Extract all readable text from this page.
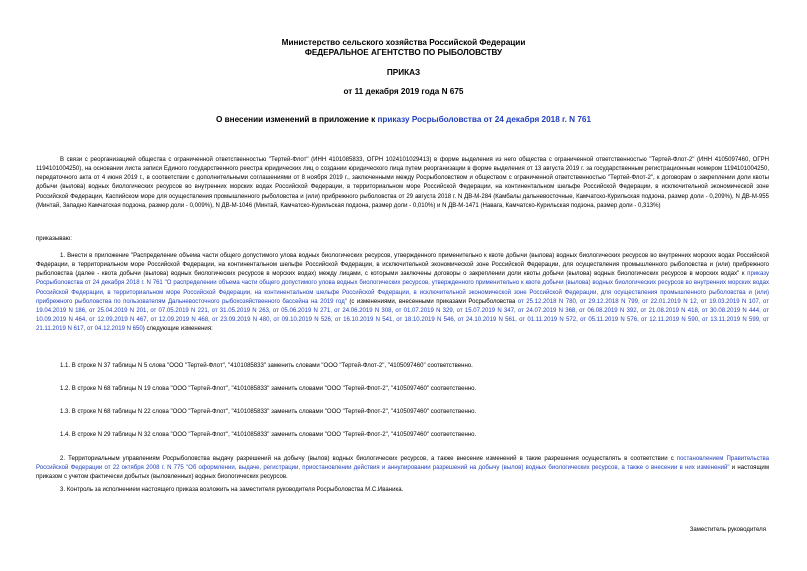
Министерство сельского хозяйства Российской Федерации
ФЕДЕРАЛЬНОЕ АГЕНТСТВО ПО РЫБОЛОВСТВУ
ПРИКАЗ
от 11 декабря 2019 года N 675
О внесении изменений в приложение к приказу Росрыболовства от 24 декабря 2018 г. N 761
В связи с реорганизацией общества с ограниченной ответственностью "Тертей-Флот" (ИНН 4101085833, ОГРН 1024101029413) в форме выделения из него общества с ограниченной ответственностью "Тертей-Флот-2" (ИНН 4105097460, ОГРН 1194101004250), на основании листа записи Единого государственного реестра юридических лиц о создании юридического лица путем реорганизации в форме выделения от 13 августа 2019 г. за государственным регистрационным номером 1194101004250, передаточного акта от 4 июня 2019 г., в соответствии с дополнительными соглашениями от 8 ноября 2019 г., заключенными между Росрыболовством и обществом с ограниченной ответственностью "Тертей-Флот-2", к договорам о закреплении доли квоты добычи (вылова) водных биологических ресурсов во внутренних морских водах Российской Федерации, в территориальном море Российской Федерации, на континентальном шельфе Российской Федерации, в исключительной экономической зоне Российской Федерации, Каспийском море для осуществления промышленного рыболовства и (или) прибрежного рыболовства от 29 августа 2018 г. N ДВ-М-284 (Камбалы дальневосточные, Камчатско-Курильская подзона, размер доли - 0,209%), N ДВ-М-955 (Минтай, Западно Камчатская подзона, размер доли - 0,009%), N ДВ-М-1046 (Минтай, Камчатско-Курильская подзона, размер доли - 0,010%) и N ДВ-М-1471 (Навага, Камчатско-Курильская подзона, размер доли - 0,313%)
приказываю:
1. Внести в приложение "Распределение объема части общего допустимого улова водных биологических ресурсов, утвержденного применительно к квоте добычи (вылова) водных биологических ресурсов во внутренних морских водах Российской Федерации, в территориальном море Российской Федерации, на континентальном шельфе Российской Федерации, в исключительной экономической зоне Российской Федерации, для осуществления промышленного рыболовства и (или) прибрежного рыболовства (далее - квота добычи (вылова) водных биологических ресурсов в морских водах) между лицами, с которыми заключены договоры о закреплении доли квоты добычи (вылова) водных биологических ресурсов в морских водах" к приказу Росрыболовства от 24 декабря 2018 г. N 761 "О распределении объема части общего допустимого улова водных биологических ресурсов, утвержденного применительно к квоте добычи (вылова) водных биологических ресурсов во внутренних морских водах Российской Федерации, в территориальном море Российской Федерации, на континентальном шельфе Российской Федерации, в исключительной экономической зоне Российской Федерации, для осуществления промышленного рыболовства и (или) прибрежного рыболовства по пользователям Дальневосточного рыбохозяйственного бассейна на 2019 год" (с изменениями, внесенными приказами Росрыболовства от 25.12.2018 N 780, от 29.12.2018 N 799, от 22.01.2019 N 12, от 19.03.2019 N 107, от 19.04.2019 N 186, от 25.04.2019 N 201, от 07.05.2019 N 221, от 31.05.2019 N 263, от 05.06.2019 N 271, от 24.06.2019 N 308, от 01.07.2019 N 329, от 15.07.2019 N 347, от 24.07.2019 N 368, от 06.08.2019 N 392, от 21.08.2019 N 418, от 30.08.2019 N 444, от 10.09.2019 N 464, от 12.09.2019 N 467, от 12.09.2019 N 468, от 23.09.2019 N 480, от 09.10.2019 N 526, от 16.10.2019 N 541, от 18.10.2019 N 546, от 24.10.2019 N 561, от 01.11.2019 N 572, от 05.11.2019 N 576, от 12.11.2019 N 590, от 13.11.2019 N 599, от 21.11.2019 N 617, от 04.12.2019 N 650) следующие изменения:
1.1. В строке N 37 таблицы N 5 слова "ООО "Тертей-Флот", "4101085833" заменить словами "ООО "Тертей-Флот-2", "4105097460" соответственно.
1.2. В строке N 68 таблицы N 19 слова "ООО "Тертей-Флот", "4101085833" заменить словами "ООО "Тертей-Флот-2", "4105097460" соответственно.
1.3. В строке N 68 таблицы N 22 слова "ООО "Тертей-Флот", "4101085833" заменить словами "ООО "Тертей-Флот-2", "4105097460" соответственно.
1.4. В строке N 29 таблицы N 32 слова "ООО "Тертей-Флот", "4101085833" заменить словами "ООО "Тертей-Флот-2", "4105097460" соответственно.
2. Территориальным управлениям Росрыболовства выдачу разрешений на добычу (вылов) водных биологических ресурсов, а также внесение изменений в такие разрешения осуществлять в соответствии с постановлением Правительства Российской Федерации от 22 октября 2008 г. N 775 "Об оформлении, выдаче, регистрации, приостановлении действия и аннулировании разрешений на добычу (вылов) водных биологических ресурсов, а также о внесении в них изменений" и настоящим приказом с учетом фактически добытых (выловленных) водных биологических ресурсов.
3. Контроль за исполнением настоящего приказа возложить на заместителя руководителя Росрыболовства М.С.Иваника.
Заместитель руководителя
